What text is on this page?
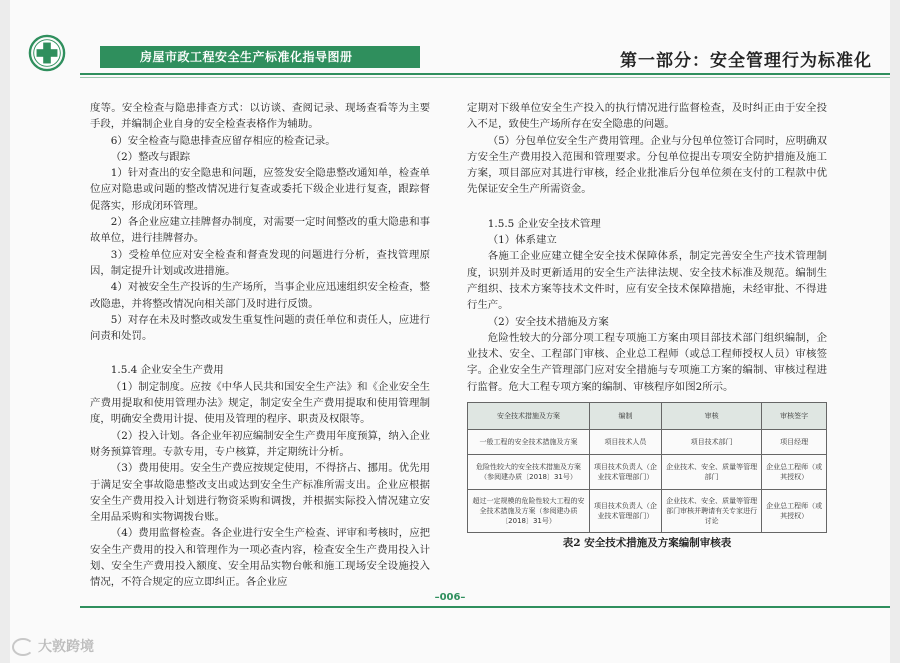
房屋市政工程安全生产标准化指导图册	第一部分：安全管理行为标准化

度等。安全检查与隐患排查方式：以访谈、查阅记录、现场查看等为主要手段，并编制企业自身的安全检查表格作为辅助。

6）安全检查与隐患排查应留存相应的检查记录。

（2）整改与跟踪

1）针对查出的安全隐患和问题，应签发安全隐患整改通知单，检查单位应对隐患或问题的整改情况进行复查或委托下级企业进行复查，跟踪督促落实，形成闭环管理。

2）各企业应建立挂牌督办制度，对需要一定时间整改的重大隐患和事故单位，进行挂牌督办。

3）受检单位应对安全检查和督查发现的问题进行分析，查找管理原因，制定提升计划或改进措施。

4）对被安全生产投诉的生产场所，当事企业应迅速组织安全检查，整改隐患，并将整改情况向相关部门及时进行反馈。

5）对存在未及时整改或发生重复性问题的责任单位和责任人，应进行问责和处罚。

1.5.4 企业安全生产费用

（1）制定制度。应按《中华人民共和国安全生产法》和《企业安全生产费用提取和使用管理办法》规定，制定安全生产费用提取和使用管理制度，明确安全费用计提、使用及管理的程序、职责及权限等。

（2）投入计划。各企业年初应编制安全生产费用年度预算，纳入企业财务预算管理。专款专用，专户核算，并定期统计分析。

（3）费用使用。安全生产费应按规定使用，不得挤占、挪用。优先用于满足安全事故隐患整改支出或达到安全生产标准所需支出。企业应根据安全生产费用投入计划进行物资采购和调拨，并根据实际投入情况建立安全用品采购和实物调拨台账。

（4）费用监督检查。各企业进行安全生产检查、评审和考核时，应把安全生产费用的投入和管理作为一项必查内容，检查安全生产费用投入计划、安全生产费用投入额度、安全用品实物台帐和施工现场安全设施投入情况，不符合规定的应立即纠正。各企业应

定期对下级单位安全生产投入的执行情况进行监督检查，及时纠正由于安全投入不足，致使生产场所存在安全隐患的问题。

（5）分包单位安全生产费用管理。企业与分包单位签订合同时，应明确双方安全生产费用投入范围和管理要求。分包单位提出专项安全防护措施及施工方案，项目部应对其进行审核，经企业批准后分包单位须在支付的工程款中优先保证安全生产所需资金。

1.5.5 企业安全技术管理

（1）体系建立

各施工企业应建立健全安全技术保障体系，制定完善安全生产技术管理制度，识别并及时更新适用的安全生产法律法规、安全技术标准及规范。编制生产组织、技术方案等技术文件时，应有安全技术保障措施，未经审批、不得进行生产。

（2）安全技术措施及方案

危险性较大的分部分项工程专项施工方案由项目部技术部门组织编制，企业技术、安全、工程部门审核、企业总工程师（或总工程师授权人员）审核签字。企业安全生产管理部门应对安全措施与专项施工方案的编制、审核过程进行监督。危大工程专项方案的编制、审核程序如图2所示。

安全技术措施及方案	编制	审核	审核签字
一般工程的安全技术措施及方案	项目技术人员	项目技术部门	项目经理
危险性较大的安全技术措施及方案（参阅建办质〔2018〕31号）	项目技术负责人（企业技术管理部门）	企业技术、安全、质量等管理部门	企业总工程师（或其授权）
超过一定规模的危险性较大工程的安全技术措施及方案（参阅建办质〔2018〕31号）	项目技术负责人（企业技术管理部门）	企业技术、安全、质量等管理部门审核并聘请有关专家进行讨论	企业总工程师（或其授权）
表2 安全技术措施及方案编制审核表
–006–
大敦跨境
